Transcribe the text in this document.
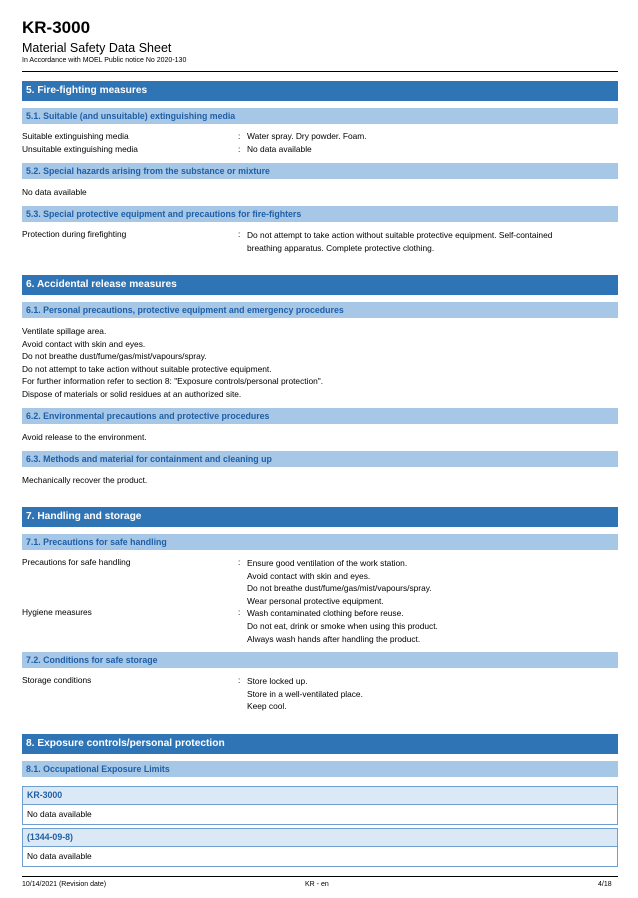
KR-3000
Material Safety Data Sheet
In Accordance with MOEL Public notice No 2020-130
5. Fire-fighting measures
5.1. Suitable (and unsuitable) extinguishing media
Suitable extinguishing media	: Water spray. Dry powder. Foam.
Unsuitable extinguishing media	: No data available
5.2. Special hazards arising from the substance or mixture
No data available
5.3. Special protective equipment and precautions for fire-fighters
Protection during firefighting	: Do not attempt to take action without suitable protective equipment. Self-contained
breathing apparatus. Complete protective clothing.
6. Accidental release measures
6.1. Personal precautions, protective equipment and emergency procedures
Ventilate spillage area.
Avoid contact with skin and eyes.
Do not breathe dust/fume/gas/mist/vapours/spray.
Do not attempt to take action without suitable protective equipment.
For further information refer to section 8: "Exposure controls/personal protection".
Dispose of materials or solid residues at an authorized site.
6.2. Environmental precautions and protective procedures
Avoid release to the environment.
6.3. Methods and material for containment and cleaning up
Mechanically recover the product.
7. Handling and storage
7.1. Precautions for safe handling
Precautions for safe handling	: Ensure good ventilation of the work station.
Avoid contact with skin and eyes.
Do not breathe dust/fume/gas/mist/vapours/spray.
Wear personal protective equipment.
Hygiene measures	: Wash contaminated clothing before reuse.
Do not eat, drink or smoke when using this product.
Always wash hands after handling the product.
7.2. Conditions for safe storage
Storage conditions	: Store locked up.
Store in a well-ventilated place.
Keep cool.
8. Exposure controls/personal protection
8.1. Occupational Exposure Limits
KR-3000
No data available
(1344-09-8)
No data available
10/14/2021 (Revision date)	KR - en	4/18
